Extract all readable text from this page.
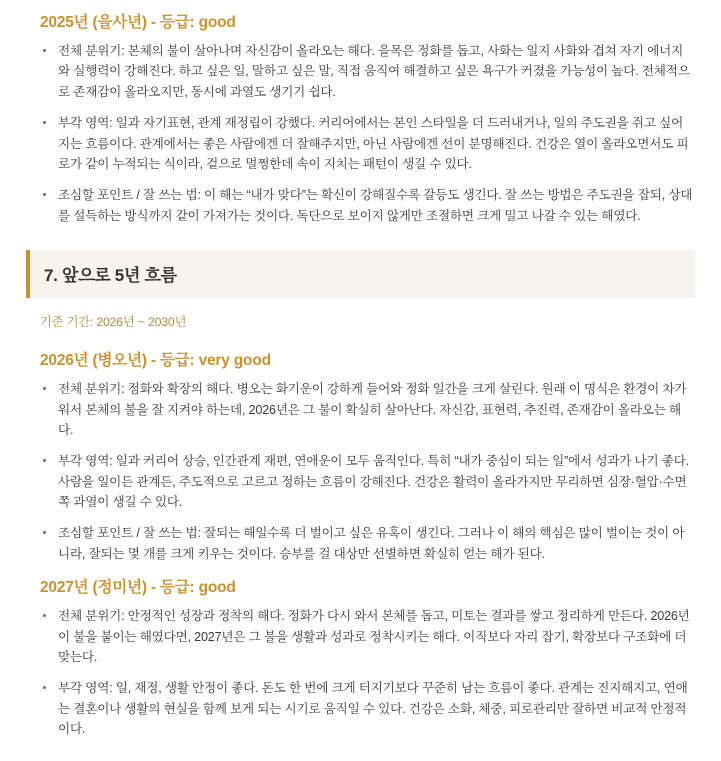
2025년 (을사년) - 등급: good
전체 분위기: 본체의 불이 살아나며 자신감이 올라오는 해다. 을목은 정화를 돕고, 사화는 일지 사화와 겹쳐 자기 에너지와 실행력이 강해진다. 하고 싶은 일, 말하고 싶은 말, 직접 움직여 해결하고 싶은 욕구가 커졌을 가능성이 높다. 전체적으로 존재감이 올라오지만, 동시에 과열도 생기기 쉽다.
부각 영역: 일과 자기표현, 관계 재정립이 강했다. 커리어에서는 본인 스타일을 더 드러내거나, 일의 주도권을 쥐고 싶어지는 흐름이다. 관계에서는 좋은 사람에겐 더 잘해주지만, 아닌 사람에겐 선이 분명해진다. 건강은 열이 올라오면서도 피로가 같이 누적되는 식이라, 겉으로 멀쩡한데 속이 지치는 패턴이 생길 수 있다.
조심할 포인트 / 잘 쓰는 법: 이 해는 “내가 맞다”는 확신이 강해질수록 갈등도 생긴다. 잘 쓰는 방법은 주도권을 잡되, 상대를 설득하는 방식까지 같이 가져가는 것이다. 독단으로 보이지 않게만 조절하면 크게 밀고 나갈 수 있는 해였다.
7. 앞으로 5년 흐름
기준 기간: 2026년 ~ 2030년
2026년 (병오년) - 등급: very good
전체 분위기: 점화와 확장의 해다. 병오는 화기운이 강하게 들어와 정화 일간을 크게 살린다. 원래 이 명식은 환경이 차가워서 본체의 불을 잘 지켜야 하는데, 2026년은 그 불이 확실히 살아난다. 자신감, 표현력, 추진력, 존재감이 올라오는 해다.
부각 영역: 일과 커리어 상승, 인간관계 재편, 연애운이 모두 움직인다. 특히 “내가 중심이 되는 일”에서 성과가 나기 좋다. 사람을 일이든 관계든, 주도적으로 고르고 정하는 흐름이 강해진다. 건강은 활력이 올라가지만 무리하면 심장·혈압·수면 쪽 과열이 생길 수 있다.
조심할 포인트 / 잘 쓰는 법: 잘되는 해일수록 더 벌이고 싶은 유혹이 생긴다. 그러나 이 해의 핵심은 많이 벌이는 것이 아니라, 잘되는 몇 개를 크게 키우는 것이다. 승부를 걸 대상만 선별하면 확실히 얻는 해가 된다.
2027년 (정미년) - 등급: good
전체 분위기: 안정적인 성장과 정착의 해다. 정화가 다시 와서 본체를 돕고, 미토는 결과를 쌓고 정리하게 만든다. 2026년이 불을 붙이는 해였다면, 2027년은 그 불을 생활과 성과로 정착시키는 해다. 이직보다 자리 잡기, 확장보다 구조화에 더 맞는다.
부각 영역: 일, 재정, 생활 안정이 좋다. 돈도 한 번에 크게 터지기보다 꾸준히 남는 흐름이 좋다. 관계는 진지해지고, 연애는 결혼이나 생활의 현실을 함께 보게 되는 시기로 움직일 수 있다. 건강은 소화, 체중, 피로관리만 잘하면 비교적 안정적이다.
